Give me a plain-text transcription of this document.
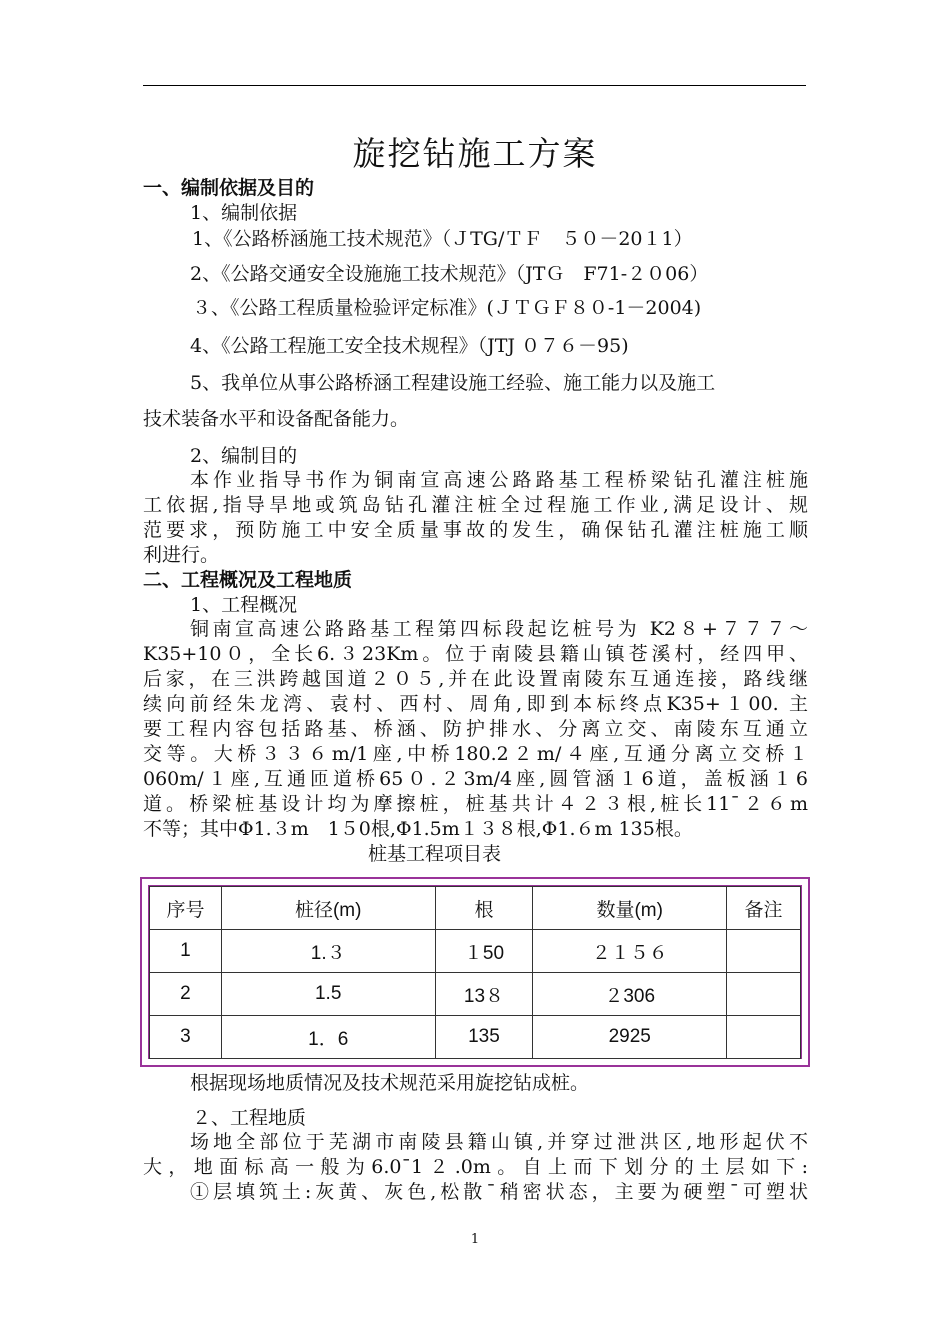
旋挖钻施工方案
一、编制依据及目的
1、编制依据
1、《公路桥涵施工技术规范》（ＪTG/ＴＦ　５０－20１1）
2、《公路交通安全设施施工技术规范》（JTＧ　F71-２０06）
３、《公路工程质量检验评定标准》(ＪＴＧＦ８０-1－2004)
4、《公路工程施工安全技术规程》（JTJ ０７６－95)
5、我单位从事公路桥涵工程建设施工经验、施工能力以及施工
技术装备水平和设备配备能力。
2、编制目的
本作业指导书作为铜南宣高速公路路基工程桥梁钻孔灌注桩施
工依据,指导旱地或筑岛钻孔灌注桩全过程施工作业,满足设计、规
范要求，预防施工中安全质量事故的发生，确保钻孔灌注桩施工顺
利进行。
二、工程概况及工程地质
1、工程概况
铜南宣高速公路路基工程第四标段起讫桩号为 K2８+７７７～
K35+10０，全长6.３23Km。位于南陵县籍山镇苍溪村，经四甲、
后家，在三洪跨越国道２０５,并在此设置南陵东互通连接，路线继
续向前经朱龙湾、袁村、西村、周角,即到本标终点K35+１00. 主
要工程内容包括路基、桥涵、防护排水、分离立交、南陵东互通立
交等。大桥３３６m/1座,中桥180.2２m/４座,互通分离立交桥１
060m/１座,互通匝道桥65０.２3m/4座,圆管涵１6道，盖板涵１6
道。桥梁桩基设计均为摩擦桩，桩基共计４２３根,桩长11¯２６m
不等；其中Φ1.３m　1５0根,Φ1.5m１３８根,Φ1.６m 135根。
桩基工程项目表
序号	桩径(m)	根	数量(m)	备注
1	1.３	１50	２１５６	
2	1.5	13８	２306	
3	1．6	135	2925	
根据现场地质情况及技术规范采用旋挖钻成桩。
２、工程地质
场地全部位于芜湖市南陵县籍山镇,并穿过泄洪区,地形起伏不
大，地面标高一般为6.0¯1２.0m。自上而下划分的土层如下:
①层填筑土:灰黄、灰色,松散¯稍密状态，主要为硬塑¯可塑状
1
